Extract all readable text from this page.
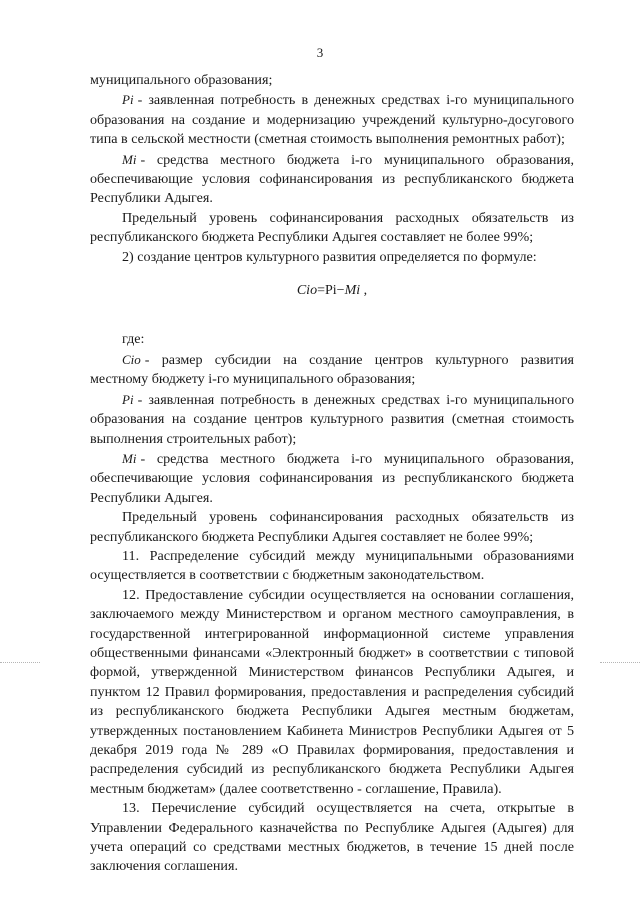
3

муниципального образования;

Pi - заявленная потребность в денежных средствах i-го муниципального образования на создание и модернизацию учреждений культурно-досугового типа в сельской местности (сметная стоимость выполнения ремонтных работ);

Mi - средства местного бюджета i-го муниципального образования, обеспечивающие условия софинансирования из республиканского бюджета Республики Адыгея.

Предельный уровень софинансирования расходных обязательств из республиканского бюджета Республики Адыгея составляет не более 99%;

2) создание центров культурного развития определяется по формуле:

Cio=Pi−Mi ,

где:

Cio - размер субсидии на создание центров культурного развития местному бюджету i-го муниципального образования;

Pi - заявленная потребность в денежных средствах i-го муниципального образования на создание центров культурного развития (сметная стоимость выполнения строительных работ);

Mi - средства местного бюджета i-го муниципального образования, обеспечивающие условия софинансирования из республиканского бюджета Республики Адыгея.

Предельный уровень софинансирования расходных обязательств из республиканского бюджета Республики Адыгея составляет не более 99%;

11. Распределение субсидий между муниципальными образованиями осуществляется в соответствии с бюджетным законодательством.

12. Предоставление субсидии осуществляется на основании соглашения, заключаемого между Министерством и органом местного самоуправления, в государственной интегрированной информационной системе управления общественными финансами «Электронный бюджет» в соответствии с типовой формой, утвержденной Министерством финансов Республики Адыгея, и пунктом 12 Правил формирования, предоставления и распределения субсидий из республиканского бюджета Республики Адыгея местным бюджетам, утвержденных постановлением Кабинета Министров Республики Адыгея от 5 декабря 2019 года № 289 «О Правилах формирования, предоставления и распределения субсидий из республиканского бюджета Республики Адыгея местным бюджетам» (далее соответственно - соглашение, Правила).

13. Перечисление субсидий осуществляется на счета, открытые в Управлении Федерального казначейства по Республике Адыгея (Адыгея) для учета операций со средствами местных бюджетов, в течение 15 дней после заключения соглашения.
